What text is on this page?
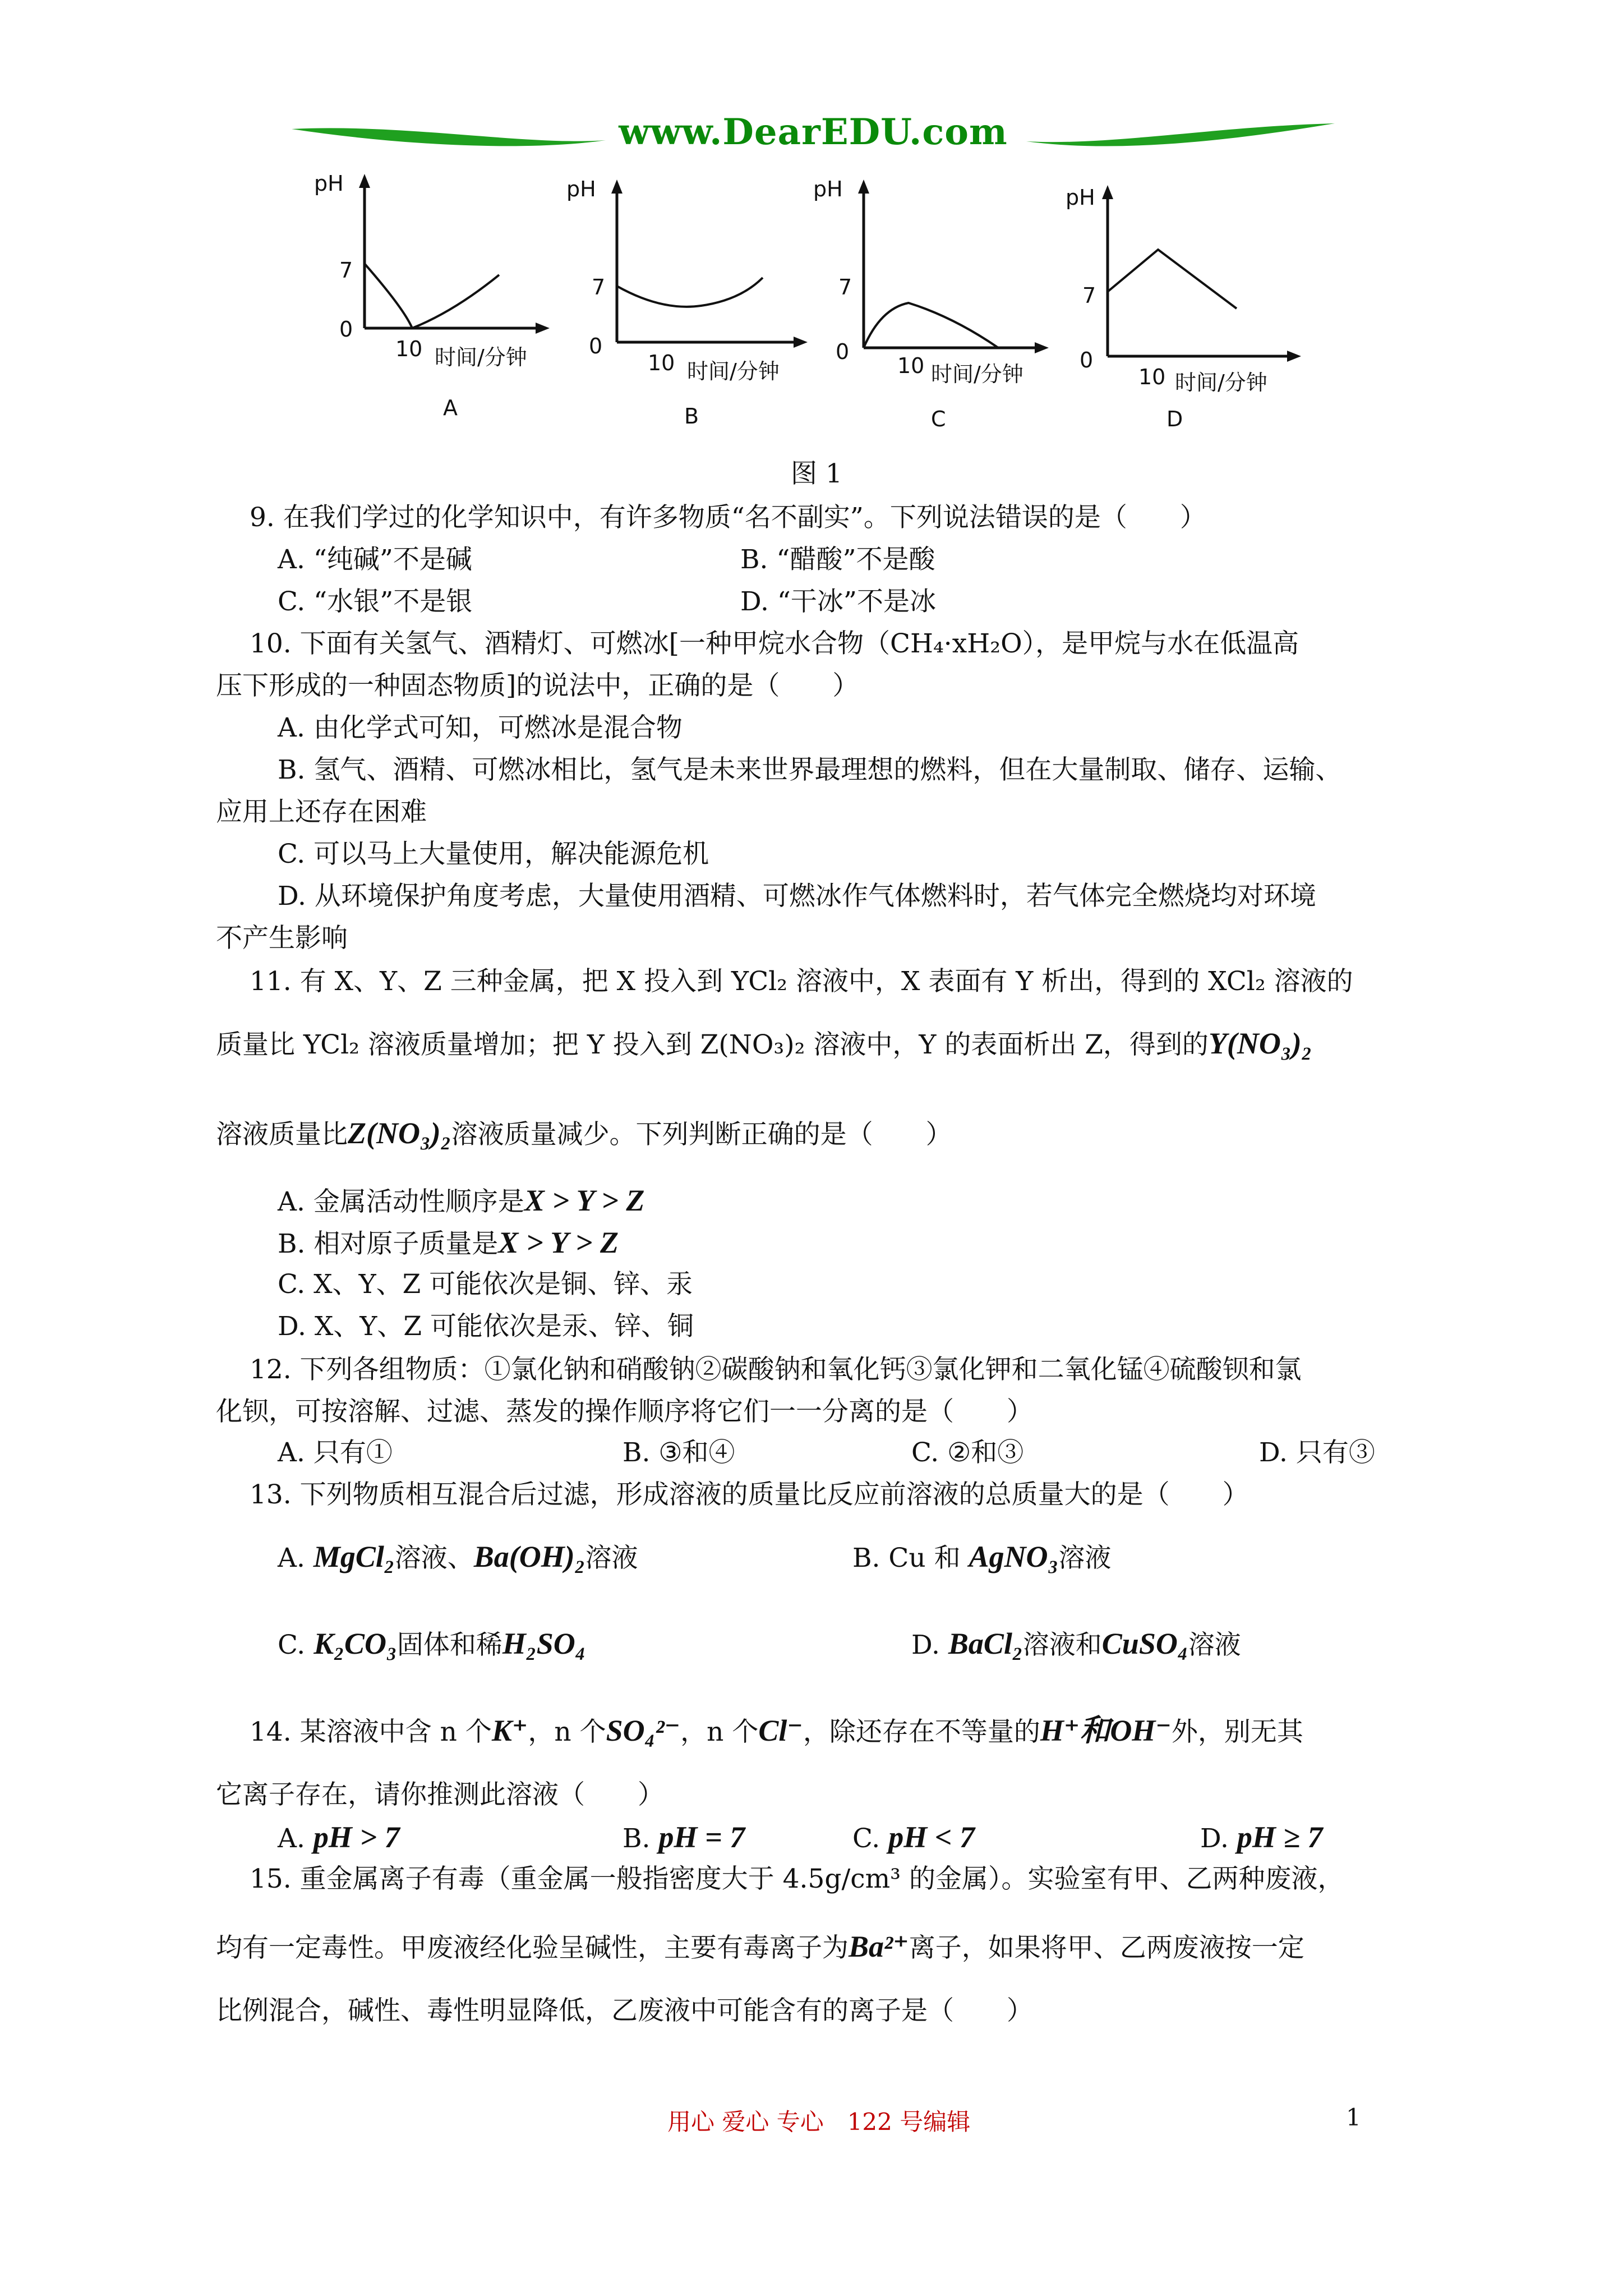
www.DearEDU.com
pH
7
0
10 时间/分钟
A
pH
7
0
10 时间/分钟
B
pH
7
0
10 时间/分钟
C
pH
7
0
10 时间/分钟
D
图 1
9. 在我们学过的化学知识中，有许多物质“名不副实”。下列说法错误的是（　　）
A. “纯碱”不是碱	B. “醋酸”不是酸
C. “水银”不是银	D. “干冰”不是冰
10. 下面有关氢气、酒精灯、可燃冰[一种甲烷水合物（CH₄·xH₂O），是甲烷与水在低温高
压下形成的一种固态物质]的说法中，正确的是（　　）
A. 由化学式可知，可燃冰是混合物
B. 氢气、酒精、可燃冰相比，氢气是未来世界最理想的燃料，但在大量制取、储存、运输、
应用上还存在困难
C. 可以马上大量使用，解决能源危机
D. 从环境保护角度考虑，大量使用酒精、可燃冰作气体燃料时，若气体完全燃烧均对环境
不产生影响
11. 有 X、Y、Z 三种金属，把 X 投入到 YCl₂ 溶液中，X 表面有 Y 析出，得到的 XCl₂ 溶液的
质量比 YCl₂ 溶液质量增加；把 Y 投入到 Z(NO₃)₂ 溶液中，Y 的表面析出 Z，得到的Y(NO₃)₂
溶液质量比Z(NO₃)₂溶液质量减少。下列判断正确的是（　　）
A. 金属活动性顺序是X > Y > Z
B. 相对原子质量是X > Y > Z
C. X、Y、Z 可能依次是铜、锌、汞
D. X、Y、Z 可能依次是汞、锌、铜
12. 下列各组物质：①氯化钠和硝酸钠②碳酸钠和氧化钙③氯化钾和二氧化锰④硫酸钡和氯
化钡，可按溶解、过滤、蒸发的操作顺序将它们一一分离的是（　　）
A. 只有①	B. ③和④	C. ②和③	D. 只有③
13. 下列物质相互混合后过滤，形成溶液的质量比反应前溶液的总质量大的是（　　）
A. MgCl₂溶液、Ba(OH)₂溶液	B. Cu 和 AgNO₃溶液
C. K₂CO₃固体和稀H₂SO₄	D. BaCl₂溶液和CuSO₄溶液
14. 某溶液中含 n 个K⁺，n 个SO₄²⁻，n 个Cl⁻，除还存在不等量的H⁺和OH⁻外，别无其
它离子存在，请你推测此溶液（　　）
A. pH > 7	B. pH = 7	C. pH < 7	D. pH ≥ 7
15. 重金属离子有毒（重金属一般指密度大于 4.5g/cm³ 的金属）。实验室有甲、乙两种废液，
均有一定毒性。甲废液经化验呈碱性，主要有毒离子为Ba²⁺离子，如果将甲、乙两废液按一定
比例混合，碱性、毒性明显降低，乙废液中可能含有的离子是（　　）
用心 爱心 专心　122 号编辑	1
